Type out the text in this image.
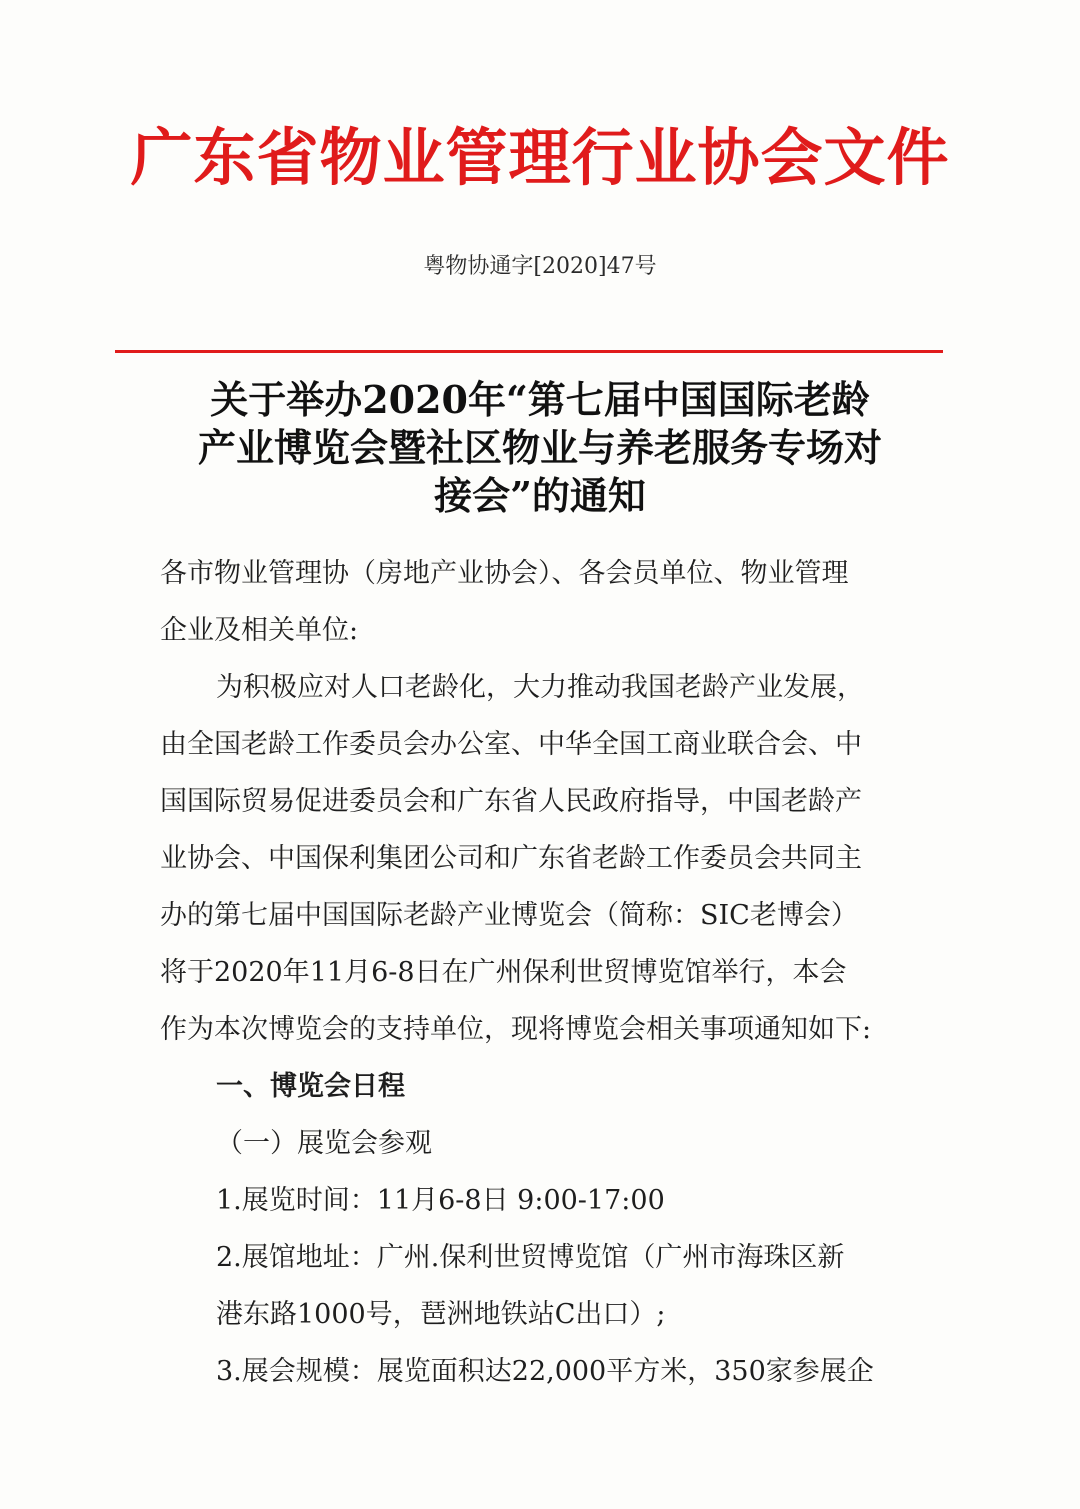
广东省物业管理行业协会文件
粤物协通字[2020]47号
关于举办2020年“第七届中国国际老龄
产业博览会暨社区物业与养老服务专场对
接会”的通知
各市物业管理协（房地产业协会）、各会员单位、物业管理
企业及相关单位:
为积极应对人口老龄化，大力推动我国老龄产业发展，
由全国老龄工作委员会办公室、中华全国工商业联合会、中
国国际贸易促进委员会和广东省人民政府指导，中国老龄产
业协会、中国保利集团公司和广东省老龄工作委员会共同主
办的第七届中国国际老龄产业博览会（简称：SIC老博会）
将于2020年11月6-8日在广州保利世贸博览馆举行，本会
作为本次博览会的支持单位，现将博览会相关事项通知如下:
一、博览会日程
（一）展览会参观
1.展览时间：11月6-8日 9:00-17:00
2.展馆地址：广州.保利世贸博览馆（广州市海珠区新
港东路1000号，琶洲地铁站C出口）;
3.展会规模：展览面积达22,000平方米，350家参展企
